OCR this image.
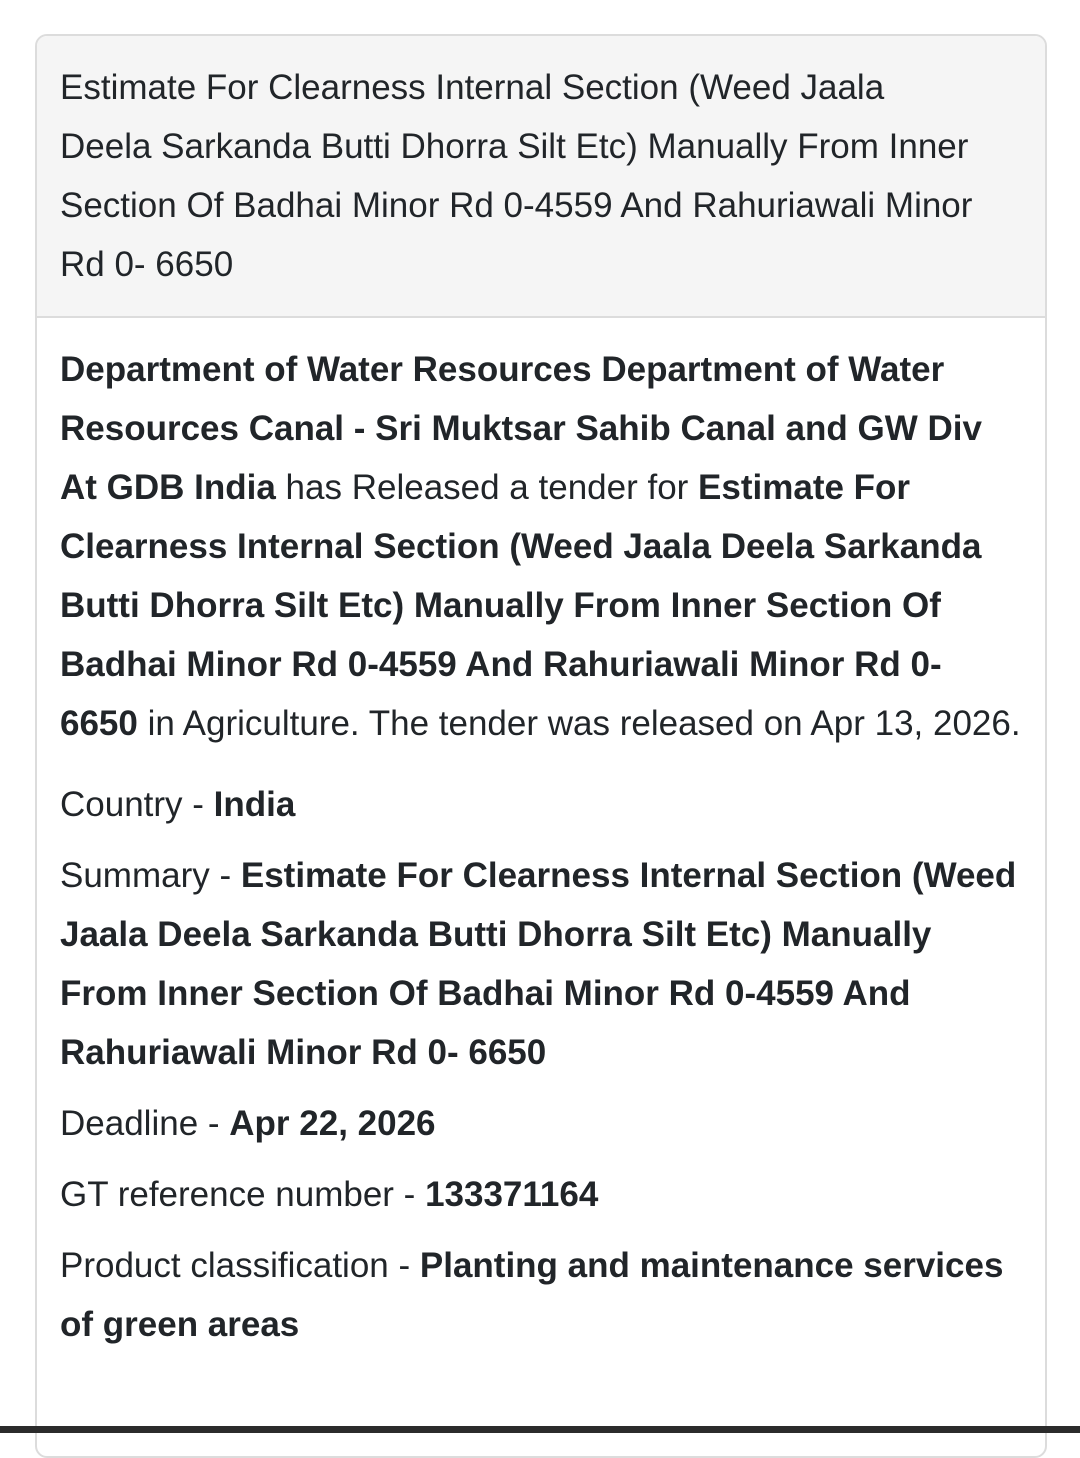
Estimate For Clearness Internal Section (Weed Jaala Deela Sarkanda Butti Dhorra Silt Etc) Manually From Inner Section Of Badhai Minor Rd 0-4559 And Rahuriawali Minor Rd 0- 6650

Department of Water Resources Department of Water Resources Canal - Sri Muktsar Sahib Canal and GW Div At GDB India has Released a tender for Estimate For Clearness Internal Section (Weed Jaala Deela Sarkanda Butti Dhorra Silt Etc) Manually From Inner Section Of Badhai Minor Rd 0-4559 And Rahuriawali Minor Rd 0- 6650 in Agriculture. The tender was released on Apr 13, 2026.

Country - India
Summary - Estimate For Clearness Internal Section (Weed Jaala Deela Sarkanda Butti Dhorra Silt Etc) Manually From Inner Section Of Badhai Minor Rd 0-4559 And Rahuriawali Minor Rd 0- 6650
Deadline - Apr 22, 2026
GT reference number - 133371164
Product classification - Planting and maintenance services of green areas
